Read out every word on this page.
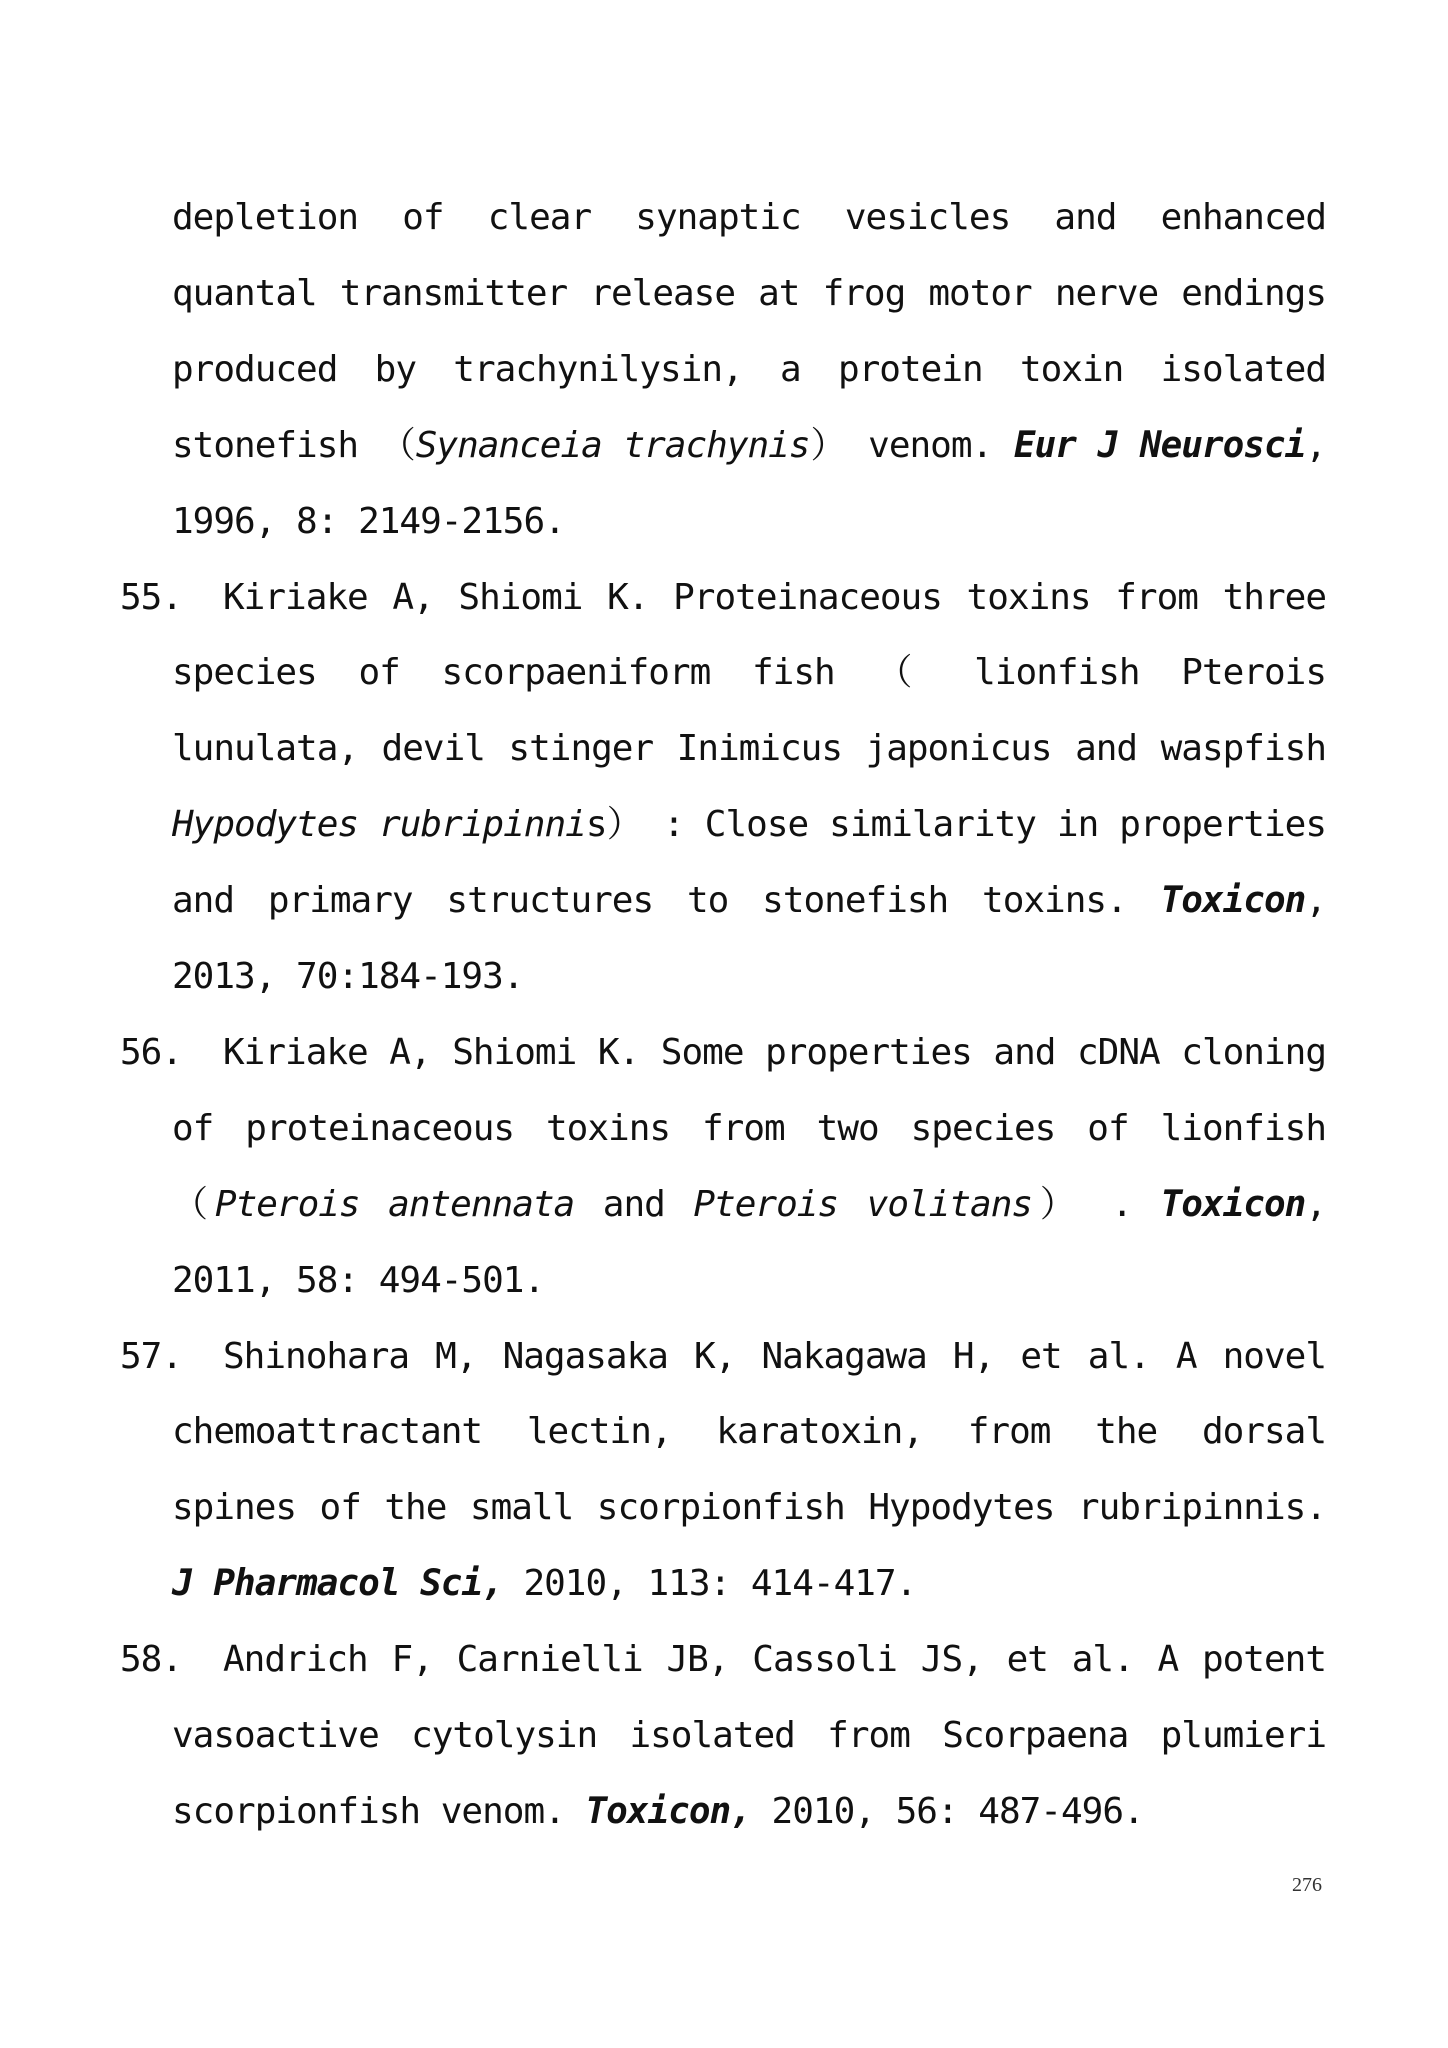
depletion of clear synaptic vesicles and enhanced
quantal transmitter release at frog motor nerve endings
produced by trachynilysin, a protein toxin isolated
stonefish （Synanceia trachynis） venom. Eur J Neurosci,
1996, 8: 2149-2156.
55. Kiriake A, Shiomi K. Proteinaceous toxins from three
species of scorpaeniform fish （ lionfish Pterois
lunulata, devil stinger Inimicus japonicus and waspfish
Hypodytes rubripinnis） : Close similarity in properties
and primary structures to stonefish toxins. Toxicon,
2013, 70:184-193.
56. Kiriake A, Shiomi K. Some properties and cDNA cloning
of proteinaceous toxins from two species of lionfish
（Pterois antennata and Pterois volitans） . Toxicon,
2011, 58: 494-501.
57. Shinohara M, Nagasaka K, Nakagawa H, et al. A novel
chemoattractant lectin, karatoxin, from the dorsal
spines of the small scorpionfish Hypodytes rubripinnis.
J Pharmacol Sci, 2010, 113: 414-417.
58. Andrich F, Carnielli JB, Cassoli JS, et al. A potent
vasoactive cytolysin isolated from Scorpaena plumieri
scorpionfish venom. Toxicon, 2010, 56: 487-496.
276
